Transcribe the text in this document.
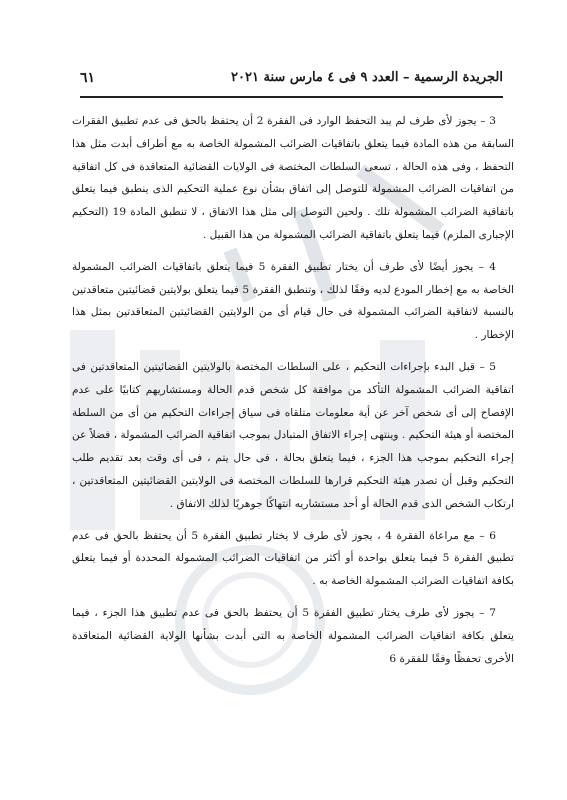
الجريدة الرسمية – العدد ٩ فى ٤ مارس سنة ٢٠٢١
٦١

3 – يجوز لأى طرف لم يبد التحفظ الوارد فى الفقرة 2 أن يحتفظ بالحق فى عدم تطبيق الفقرات السابقة من هذه المادة فيما يتعلق باتفاقيات الضرائب المشمولة الخاصة به مع أطراف أبدت مثل هذا التحفظ ، وفى هذه الحالة ، تسعى السلطات المختصة فى الولايات القضائية المتعاقدة فى كل اتفاقية من اتفاقيات الضرائب المشمولة للتوصل إلى اتفاق بشأن نوع عملية التحكيم الذى ينطبق فيما يتعلق باتفاقية الضرائب المشمولة تلك . ولحين التوصل إلى مثل هذا الاتفاق ، لا تنطبق المادة 19 (التحكيم الإجبارى الملزم) فيما يتعلق باتفاقية الضرائب المشمولة من هذا القبيل .

4 – يجوز أيضًا لأى طرف أن يختار تطبيق الفقرة 5 فيما يتعلق باتفاقيات الضرائب المشمولة الخاصة به مع إخطار المودع لديه وفقًا لذلك ، وتنطبق الفقرة 5 فيما يتعلق بولايتين قضائيتين متعاقدتين بالنسبة لاتفاقية الضرائب المشمولة فى حال قيام أى من الولايتين القضائيتين المتعاقدتين بمثل هذا الإخطار .

5 – قبل البدء بإجراءات التحكيم ، على السلطات المختصة بالولايتين القضائيتين المتعاقدتين فى اتفاقية الضرائب المشمولة التأكد من موافقة كل شخص قدم الحالة ومستشاريهم كتابيًا على عدم الإفصاح إلى أى شخص آخر عن أية معلومات متلقاه فى سياق إجراءات التحكيم من أى من السلطة المختصة أو هيئة التحكيم . وينتهى إجراء الاتفاق المتبادل بموجب اتفاقية الضرائب المشمولة ، فضلاً عن إجراء التحكيم بموجب هذا الجزء ، فيما يتعلق بحالة ، فى حال يتم ، فى أى وقت بعد تقديم طلب التحكيم وقبل أن تصدر هيئة التحكيم قرارها للسلطات المختصة فى الولايتين القضائيتين المتعاقدتين ، ارتكاب الشخص الذى قدم الحالة أو أحد مستشاريه انتهاكًا جوهريًا لذلك الاتفاق .

6 – مع مراعاة الفقرة 4 ، يجوز لأى طرف لا يختار تطبيق الفقرة 5 أن يحتفظ بالحق فى عدم تطبيق الفقرة 5 فيما يتعلق بواحدة أو أكثر من اتفاقيات الضرائب المشمولة المحددة أو فيما يتعلق بكافة اتفاقيات الضرائب المشمولة الخاصة به .

7 – يجوز لأى طرف يختار تطبيق الفقرة 5 أن يحتفظ بالحق فى عدم تطبيق هذا الجزء ، فيما يتعلق بكافة اتفاقيات الضرائب المشمولة الخاصة به التى أبدت بشأنها الولاية القضائية المتعاقدة الأخرى تحفظًا وفقًا للفقرة 6
